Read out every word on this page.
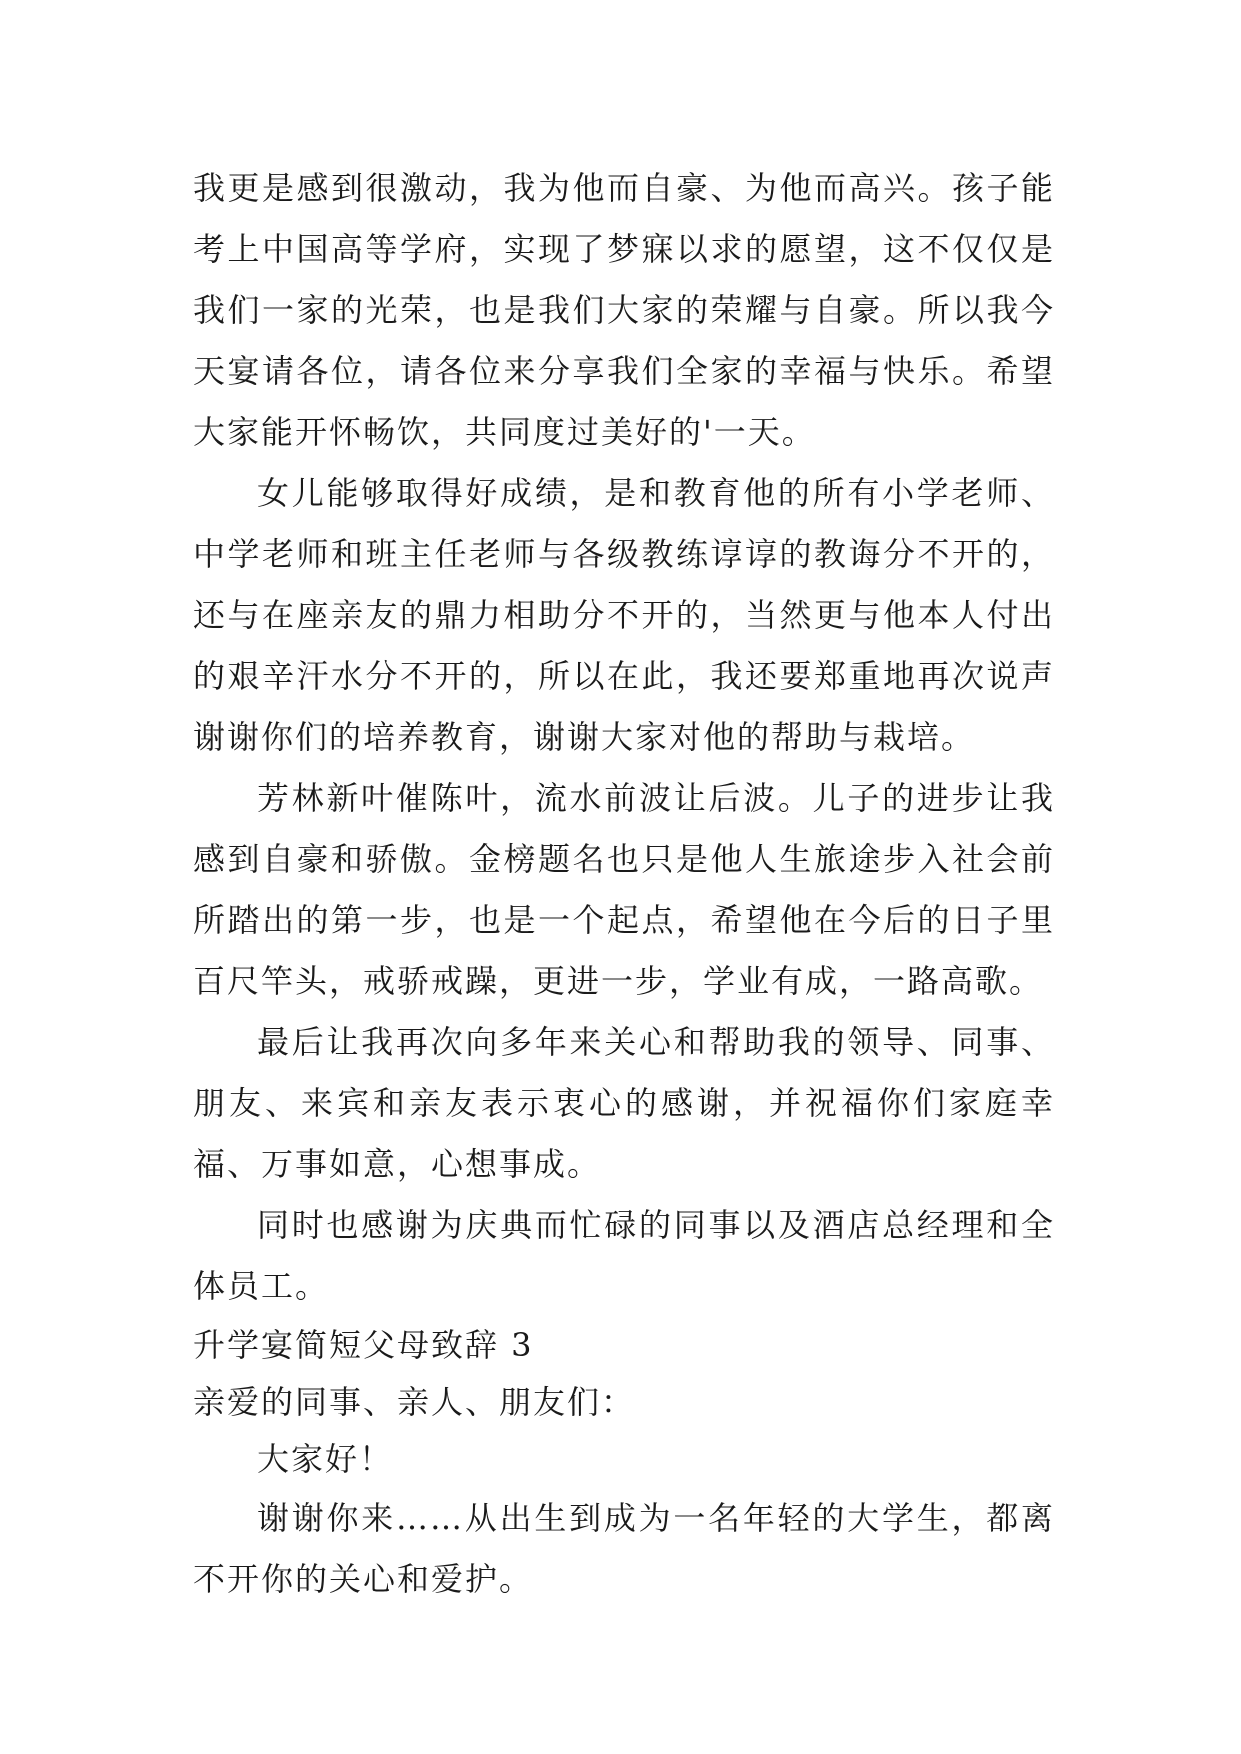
我更是感到很激动，我为他而自豪、为他而高兴。孩子能考上中国高等学府，实现了梦寐以求的愿望，这不仅仅是我们一家的光荣，也是我们大家的荣耀与自豪。所以我今天宴请各位，请各位来分享我们全家的幸福与快乐。希望大家能开怀畅饮，共同度过美好的'一天。

女儿能够取得好成绩，是和教育他的所有小学老师、中学老师和班主任老师与各级教练谆谆的教诲分不开的，还与在座亲友的鼎力相助分不开的，当然更与他本人付出的艰辛汗水分不开的，所以在此，我还要郑重地再次说声谢谢你们的培养教育，谢谢大家对他的帮助与栽培。

芳林新叶催陈叶，流水前波让后波。儿子的进步让我感到自豪和骄傲。金榜题名也只是他人生旅途步入社会前所踏出的第一步，也是一个起点，希望他在今后的日子里百尺竿头，戒骄戒躁，更进一步，学业有成，一路高歌。

最后让我再次向多年来关心和帮助我的领导、同事、朋友、来宾和亲友表示衷心的感谢，并祝福你们家庭幸福、万事如意，心想事成。

同时也感谢为庆典而忙碌的同事以及酒店总经理和全体员工。

升学宴简短父母致辞 3

亲爱的同事、亲人、朋友们：

大家好！

谢谢你来……从出生到成为一名年轻的大学生，都离不开你的关心和爱护。
